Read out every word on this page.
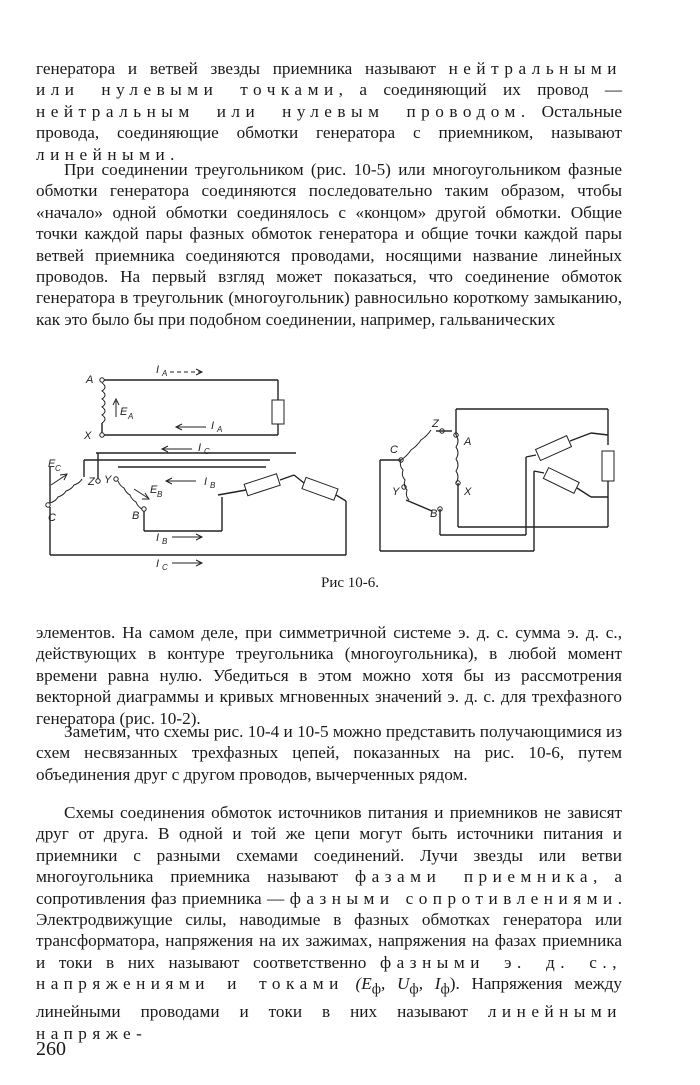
генератора и ветвей звезды приемника называют нейтральными или нулевыми точками, а соединяющий их провод — нейтральным или нулевым проводом. Остальные провода, соединяющие обмотки генератора с приемником, называют линейными.

При соединении треугольником (рис. 10-5) или многоугольником фазные обмотки генератора соединяются последовательно таким образом, чтобы «начало» одной обмотки соединялось с «концом» другой обмотки. Общие точки каждой пары фазных обмоток генератора и общие точки каждой пары ветвей приемника соединяются проводами, носящими название линейных проводов. На первый взгляд может показаться, что соединение обмоток генератора в треугольник (многоугольник) равносильно короткому замыканию, как это было бы при подобном соединении, например, гальванических

A
X
E A
I A
I A
E C
C
Z Y
B
E B
I C
I B
I B
I C
C
Z
A
Y	X
B
Рис 10-6.

элементов. На самом деле, при симметричной системе э. д. с. сумма э. д. с., действующих в контуре треугольника (многоугольника), в любой момент времени равна нулю. Убедиться в этом можно хотя бы из рассмотрения векторной диаграммы и кривых мгновенных значений э. д. с. для трехфазного генератора (рис. 10-2).

Заметим, что схемы рис. 10-4 и 10-5 можно представить получающимися из схем несвязанных трехфазных цепей, показанных на рис. 10-6, путем объединения друг с другом проводов, вычерченных рядом.

Схемы соединения обмоток источников питания и приемников не зависят друг от друга. В одной и той же цепи могут быть источники питания и приемники с разными схемами соединений. Лучи звезды или ветви многоугольника приемника называют фазами приемника, а сопротивления фаз приемника — фазными сопротивлениями. Электродвижущие силы, наводимые в фазных обмотках генератора или трансформатора, напряжения на их зажимах, напряжения на фазах приемника и токи в них называют соответственно фазными э. д. с., напряжениями и токами ($E_ф$, $U_ф$, $I_ф$). Напряжения между линейными проводами и токи в них называют линейными напряже-

260
